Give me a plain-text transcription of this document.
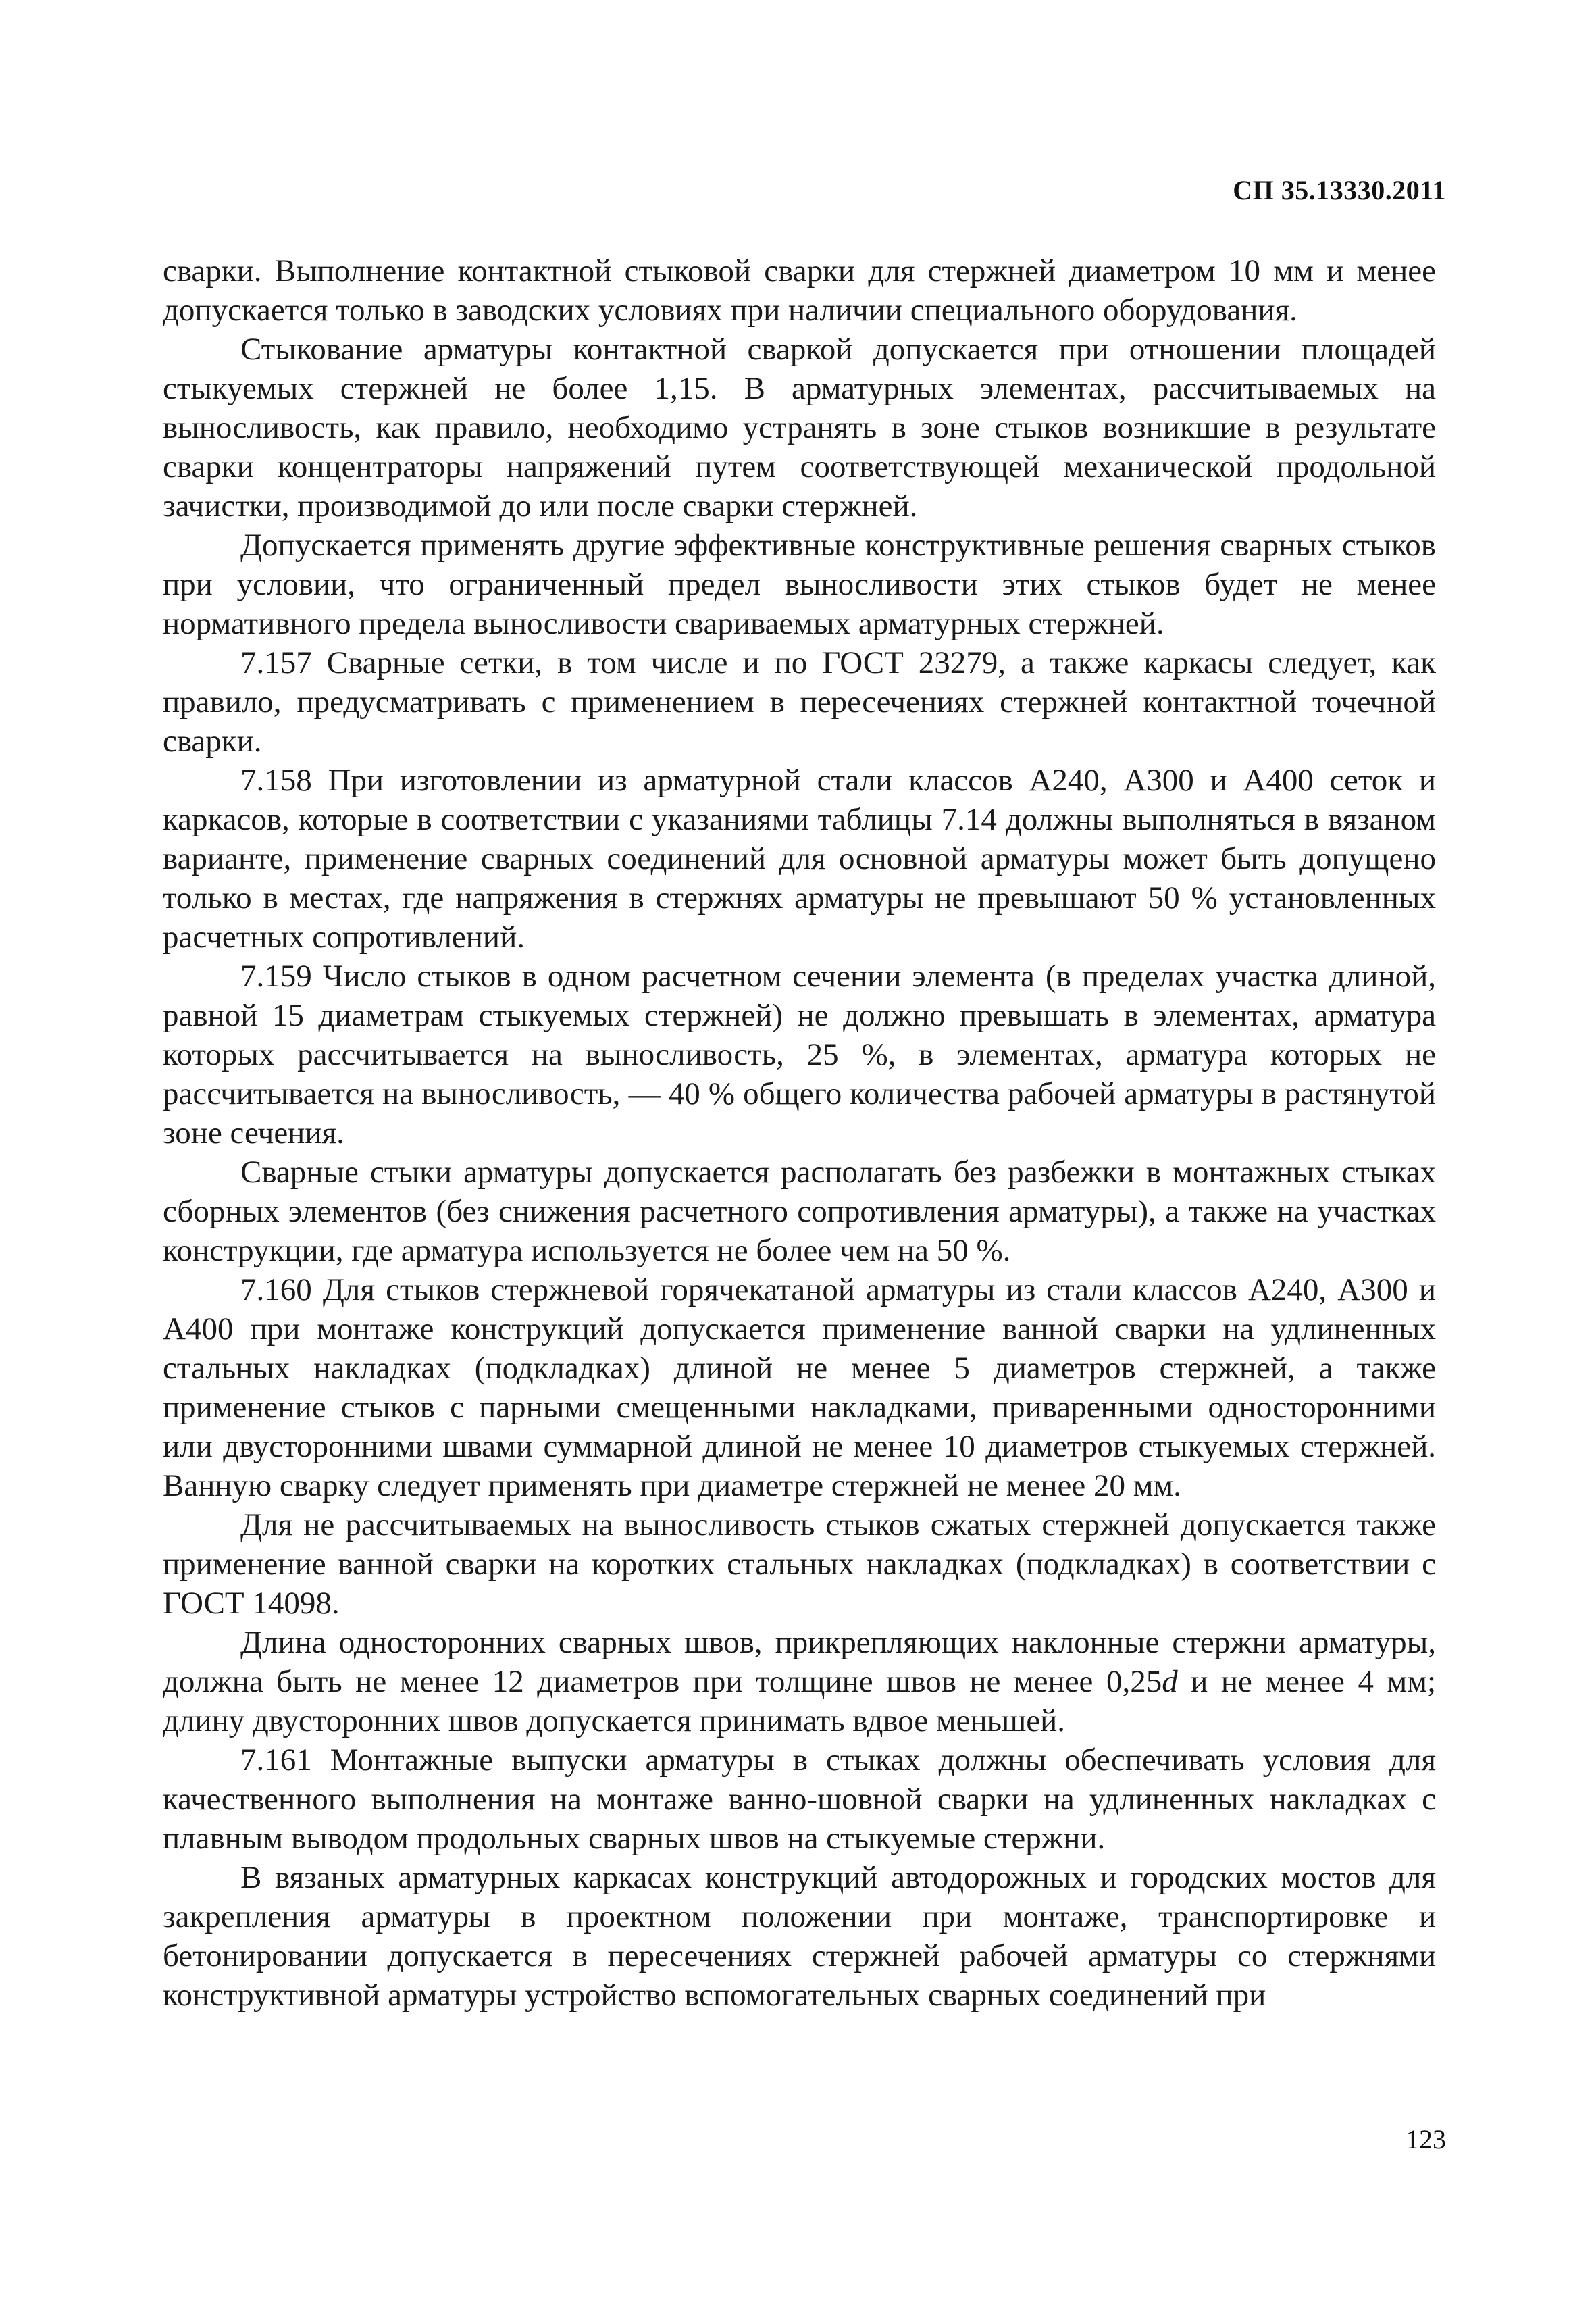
СП 35.13330.2011

сварки. Выполнение контактной стыковой сварки для стержней диаметром 10 мм и менее допускается только в заводских условиях при наличии специального оборудования.

Стыкование арматуры контактной сваркой допускается при отношении площадей стыкуемых стержней не более 1,15. В арматурных элементах, рассчитываемых на выносливость, как правило, необходимо устранять в зоне стыков возникшие в результате сварки концентраторы напряжений путем соответствующей механической продольной зачистки, производимой до или после сварки стержней.

Допускается применять другие эффективные конструктивные решения сварных стыков при условии, что ограниченный предел выносливости этих стыков будет не менее нормативного предела выносливости свариваемых арматурных стержней.

7.157 Сварные сетки, в том числе и по ГОСТ 23279, а также каркасы следует, как правило, предусматривать с применением в пересечениях стержней контактной точечной сварки.

7.158 При изготовлении из арматурной стали классов А240, А300 и А400 сеток и каркасов, которые в соответствии с указаниями таблицы 7.14 должны выполняться в вязаном варианте, применение сварных соединений для основной арматуры может быть допущено только в местах, где напряжения в стержнях арматуры не превышают 50 % установленных расчетных сопротивлений.

7.159 Число стыков в одном расчетном сечении элемента (в пределах участка длиной, равной 15 диаметрам стыкуемых стержней) не должно превышать в элементах, арматура которых рассчитывается на выносливость, 25 %, в элементах, арматура которых не рассчитывается на выносливость, — 40 % общего количества рабочей арматуры в растянутой зоне сечения.

Сварные стыки арматуры допускается располагать без разбежки в монтажных стыках сборных элементов (без снижения расчетного сопротивления арматуры), а также на участках конструкции, где арматура используется не более чем на 50 %.

7.160 Для стыков стержневой горячекатаной арматуры из стали классов А240, А300 и А400 при монтаже конструкций допускается применение ванной сварки на удлиненных стальных накладках (подкладках) длиной не менее 5 диаметров стержней, а также применение стыков с парными смещенными накладками, приваренными односторонними или двусторонними швами суммарной длиной не менее 10 диаметров стыкуемых стержней. Ванную сварку следует применять при диаметре стержней не менее 20 мм.

Для не рассчитываемых на выносливость стыков сжатых стержней допускается также применение ванной сварки на коротких стальных накладках (подкладках) в соответствии с ГОСТ 14098.

Длина односторонних сварных швов, прикрепляющих наклонные стержни арматуры, должна быть не менее 12 диаметров при толщине швов не менее 0,25d и не менее 4 мм; длину двусторонних швов допускается принимать вдвое меньшей.

7.161 Монтажные выпуски арматуры в стыках должны обеспечивать условия для качественного выполнения на монтаже ванно-шовной сварки на удлиненных накладках с плавным выводом продольных сварных швов на стыкуемые стержни.

В вязаных арматурных каркасах конструкций автодорожных и городских мостов для закрепления арматуры в проектном положении при монтаже, транспортировке и бетонировании допускается в пересечениях стержней рабочей арматуры со стержнями конструктивной арматуры устройство вспомогательных сварных соединений при

123
